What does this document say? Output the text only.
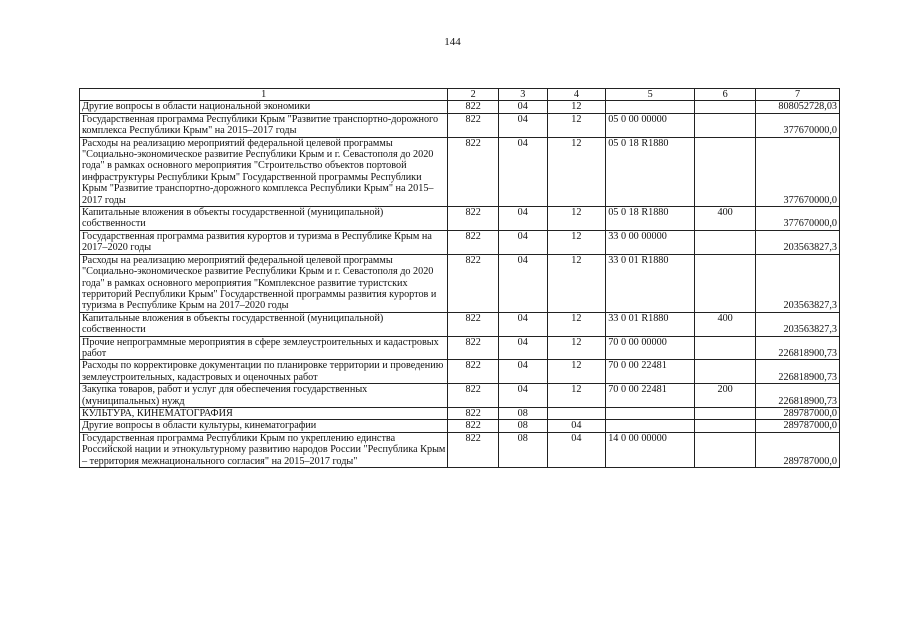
144
1	2	3	4	5	6	7
Другие вопросы в области национальной экономики	822	04	12			808052728,03
Государственная программа Республики Крым "Развитие транспортно-дорожного комплекса Республики Крым" на 2015–2017 годы	822	04	12	05 0 00 00000		377670000,0
Расходы на реализацию мероприятий федеральной целевой программы "Социально-экономическое развитие Республики Крым и г. Севастополя до 2020 года" в рамках основного мероприятия "Строительство объектов портовой инфраструктуры Республики Крым" Государственной программы Республики Крым "Развитие транспортно-дорожного комплекса Республики Крым" на 2015–2017 годы	822	04	12	05 0 18 R1880		377670000,0
Капитальные вложения в объекты государственной (муниципальной) собственности	822	04	12	05 0 18 R1880	400	377670000,0
Государственная программа развития курортов и туризма в Республике Крым на 2017–2020 годы	822	04	12	33 0 00 00000		203563827,3
Расходы на реализацию мероприятий федеральной целевой программы "Социально-экономическое развитие Республики Крым и г. Севастополя до 2020 года" в рамках основного мероприятия "Комплексное развитие туристских территорий Республики Крым" Государственной программы развития курортов и туризма в Республике Крым на 2017–2020 годы	822	04	12	33 0 01 R1880		203563827,3
Капитальные вложения в объекты государственной (муниципальной) собственности	822	04	12	33 0 01 R1880	400	203563827,3
Прочие непрограммные мероприятия в сфере землеустроительных и кадастровых работ	822	04	12	70 0 00 00000		226818900,73
Расходы по корректировке документации по планировке территории и проведению землеустроительных, кадастровых и оценочных работ	822	04	12	70 0 00 22481		226818900,73
Закупка товаров, работ и услуг для обеспечения государственных (муниципальных) нужд	822	04	12	70 0 00 22481	200	226818900,73
КУЛЬТУРА, КИНЕМАТОГРАФИЯ	822	08				289787000,0
Другие вопросы в области культуры, кинематографии	822	08	04			289787000,0
Государственная программа Республики Крым по укреплению единства Российской нации и этнокультурному развитию народов России "Республика Крым – территория межнационального согласия" на 2015–2017 годы"	822	08	04	14 0 00 00000		289787000,0
